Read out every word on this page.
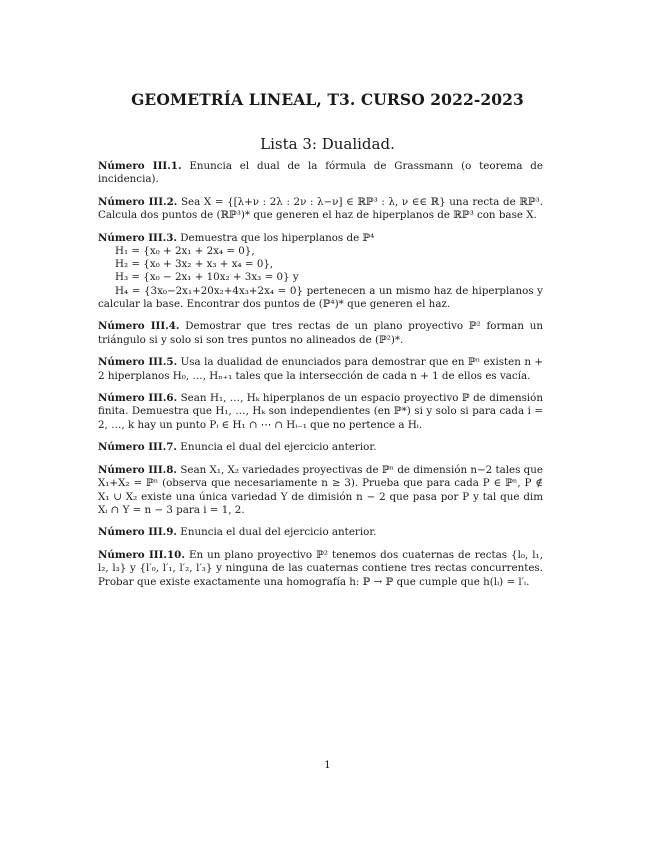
GEOMETRÍA LINEAL, T3. CURSO 2022-2023
Lista 3: Dualidad.

Número III.1. Enuncia el dual de la fórmula de Grassmann (o teorema de incidencia).

Número III.2. Sea X = {[λ+ν : 2λ : 2ν : λ−ν] ∈ ℝℙ³ : λ, ν ∈∈ ℝ} una recta de ℝℙ³. Calcula dos puntos de (ℝℙ³)* que generen el haz de hiperplanos de ℝℙ³ con base X.

Número III.3. Demuestra que los hiperplanos de ℙ⁴
H₁ = {x₀ + 2x₁ + 2x₄ = 0},
H₂ = {x₀ + 3x₂ + x₃ + x₄ = 0},
H₃ = {x₀ − 2x₁ + 10x₂ + 3x₃ = 0} y
H₄ = {3x₀−2x₁+20x₂+4x₃+2x₄ = 0} pertenecen a un mismo haz de hiperplanos y calcular la base. Encontrar dos puntos de (ℙ⁴)* que generen el haz.

Número III.4. Demostrar que tres rectas de un plano proyectivo ℙ² forman un triángulo si y solo si son tres puntos no alineados de (ℙ²)*.

Número III.5. Usa la dualidad de enunciados para demostrar que en ℙⁿ existen n + 2 hiperplanos H₀, …, Hₙ₊₁ tales que la intersección de cada n + 1 de ellos es vacía.

Número III.6. Sean H₁, …, Hₖ hiperplanos de un espacio proyectivo ℙ de dimensión finita. Demuestra que H₁, …, Hₖ son independientes (en ℙ*) si y solo si para cada i = 2, …, k hay un punto Pᵢ ∈ H₁ ∩ ⋯ ∩ Hᵢ₋₁ que no pertence a Hᵢ.

Número III.7. Enuncia el dual del ejercicio anterior.

Número III.8. Sean X₁, X₂ variedades proyectivas de ℙⁿ de dimensión n−2 tales que X₁+X₂ = ℙⁿ (observa que necesariamente n ≥ 3). Prueba que para cada P ∈ ℙⁿ, P ∉ X₁ ∪ X₂ existe una única variedad Y de dimisión n − 2 que pasa por P y tal que dim Xᵢ ∩ Y = n − 3 para i = 1, 2.

Número III.9. Enuncia el dual del ejercicio anterior.

Número III.10. En un plano proyectivo ℙ² tenemos dos cuaternas de rectas {l₀, l₁, l₂, l₃} y {l′₀, l′₁, l′₂, l′₃} y ninguna de las cuaternas contiene tres rectas concurrentes. Probar que existe exactamente una homografía h: ℙ → ℙ que cumple que h(lᵢ) = l′ᵢ.

1
